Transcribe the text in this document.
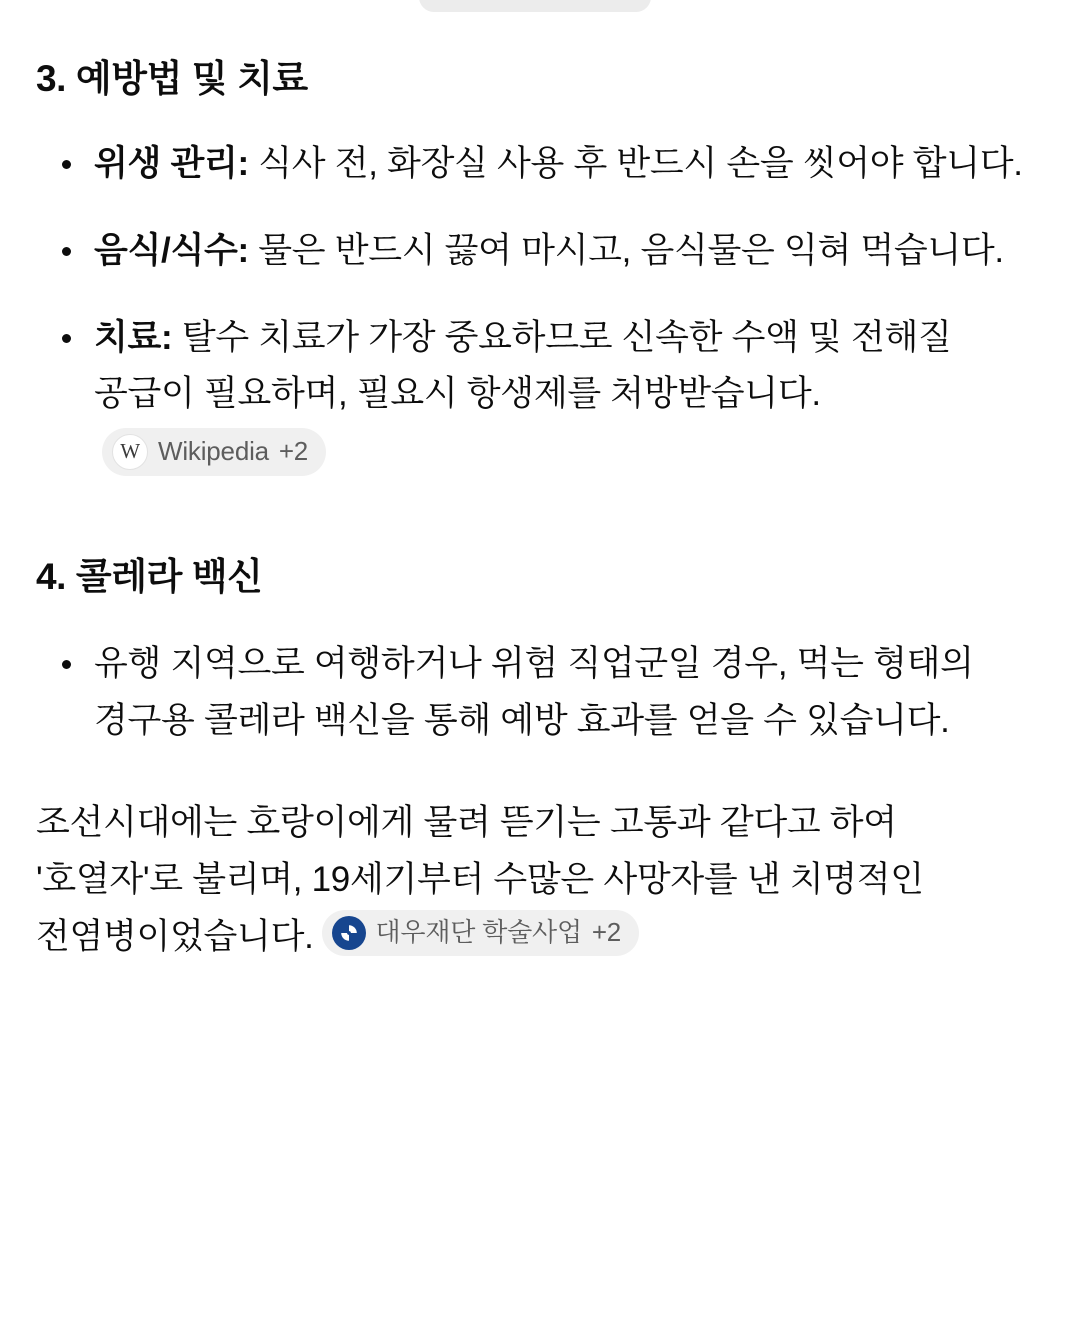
3. 예방법 및 치료
위생 관리: 식사 전, 화장실 사용 후 반드시 손을 씻어야 합니다.
음식/식수: 물은 반드시 끓여 마시고, 음식물은 익혀 먹습니다.
치료: 탈수 치료가 가장 중요하므로 신속한 수액 및 전해질 공급이 필요하며, 필요시 항생제를 처방받습니다.
W Wikipedia +2
4. 콜레라 백신
유행 지역으로 여행하거나 위험 직업군일 경우, 먹는 형태의 경구용 콜레라 백신을 통해 예방 효과를 얻을 수 있습니다.

조선시대에는 호랑이에게 물려 뜯기는 고통과 같다고 하여 '호열자'로 불리며, 19세기부터 수많은 사망자를 낸 치명적인 전염병이었습니다. 대우재단 학술사업 +2
